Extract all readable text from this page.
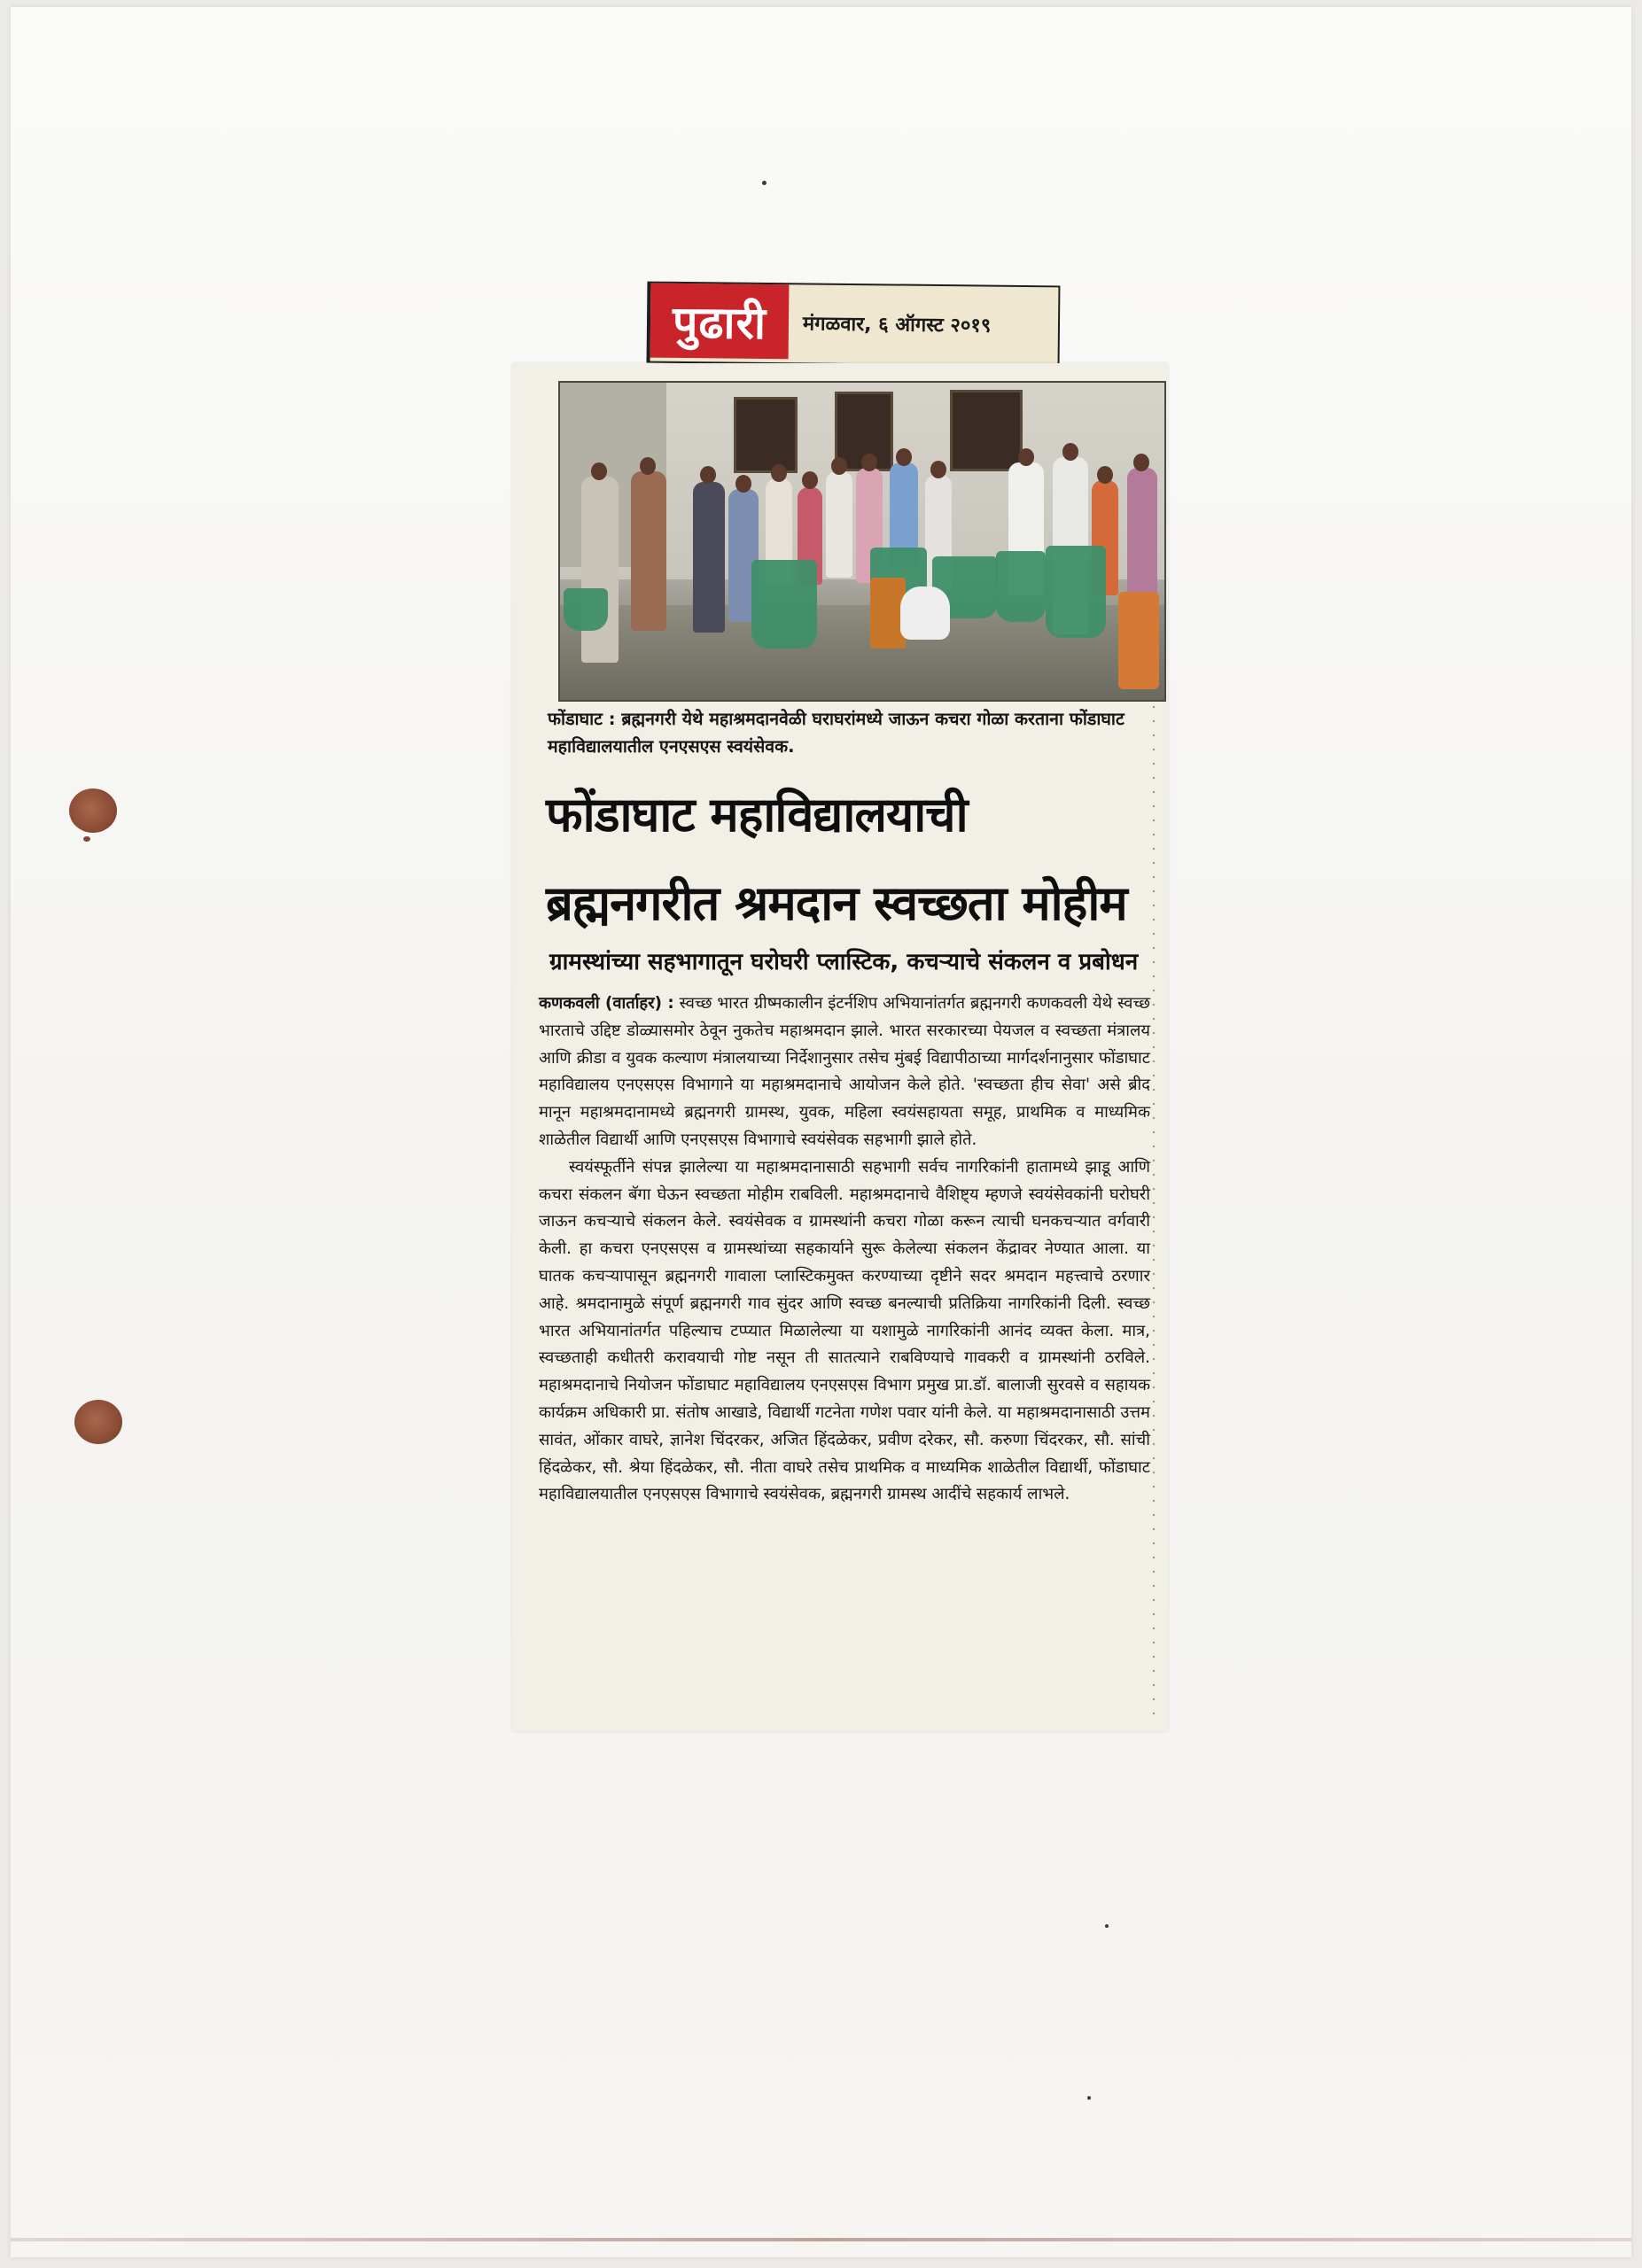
पुढारी मंगळवार, ६ ऑगस्ट २०१९
फोंडाघाट : ब्रह्मनगरी येथे महाश्रमदानवेळी घराघरांमध्ये जाऊन कचरा गोळा करताना फोंडाघाट महाविद्यालयातील एनएसएस स्वयंसेवक.
फोंडाघाट महाविद्यालयाची
ब्रह्मनगरीत श्रमदान स्वच्छता मोहीम
ग्रामस्थांच्या सहभागातून घरोघरी प्लास्टिक, कचऱ्याचे संकलन व प्रबोधन

कणकवली (वार्ताहर) : स्वच्छ भारत ग्रीष्मकालीन इंटर्नशिप अभियानांतर्गत ब्रह्मनगरी कणकवली येथे स्वच्छ भारताचे उद्दिष्ट डोळ्यासमोर ठेवून नुकतेच महाश्रमदान झाले. भारत सरकारच्या पेयजल व स्वच्छता मंत्रालय आणि क्रीडा व युवक कल्याण मंत्रालयाच्या निर्देशानुसार तसेच मुंबई विद्यापीठाच्या मार्गदर्शनानुसार फोंडाघाट महाविद्यालय एनएसएस विभागाने या महाश्रमदानाचे आयोजन केले होते. 'स्वच्छता हीच सेवा' असे ब्रीद मानून महाश्रमदानामध्ये ब्रह्मनगरी ग्रामस्थ, युवक, महिला स्वयंसहायता समूह, प्राथमिक व माध्यमिक शाळेतील विद्यार्थी आणि एनएसएस विभागाचे स्वयंसेवक सहभागी झाले होते.

स्वयंस्फूर्तीने संपन्न झालेल्या या महाश्रमदानासाठी सहभागी सर्वच नागरिकांनी हातामध्ये झाडू आणि कचरा संकलन बॅगा घेऊन स्वच्छता मोहीम राबविली. महाश्रमदानाचे वैशिष्ट्य म्हणजे स्वयंसेवकांनी घरोघरी जाऊन कचऱ्याचे संकलन केले. स्वयंसेवक व ग्रामस्थांनी कचरा गोळा करून त्याची घनकचऱ्यात वर्गवारी केली. हा कचरा एनएसएस व ग्रामस्थांच्या सहकार्याने सुरू केलेल्या संकलन केंद्रावर नेण्यात आला. या घातक कचऱ्यापासून ब्रह्मनगरी गावाला प्लास्टिकमुक्त करण्याच्या दृष्टीने सदर श्रमदान महत्त्वाचे ठरणार आहे. श्रमदानामुळे संपूर्ण ब्रह्मनगरी गाव सुंदर आणि स्वच्छ बनल्याची प्रतिक्रिया नागरिकांनी दिली. स्वच्छ भारत अभियानांतर्गत पहिल्याच टप्प्यात मिळालेल्या या यशामुळे नागरिकांनी आनंद व्यक्त केला. मात्र, स्वच्छताही कधीतरी करावयाची गोष्ट नसून ती सातत्याने राबविण्याचे गावकरी व ग्रामस्थांनी ठरविले. महाश्रमदानाचे नियोजन फोंडाघाट महाविद्यालय एनएसएस विभाग प्रमुख प्रा.डॉ. बालाजी सुरवसे व सहायक कार्यक्रम अधिकारी प्रा. संतोष आखाडे, विद्यार्थी गटनेता गणेश पवार यांनी केले. या महाश्रमदानासाठी उत्तम सावंत, ओंकार वाघरे, ज्ञानेश चिंदरकर, अजित हिंदळेकर, प्रवीण दरेकर, सौ. करुणा चिंदरकर, सौ. सांची हिंदळेकर, सौ. श्रेया हिंदळेकर, सौ. नीता वाघरे तसेच प्राथमिक व माध्यमिक शाळेतील विद्यार्थी, फोंडाघाट महाविद्यालयातील एनएसएस विभागाचे स्वयंसेवक, ब्रह्मनगरी ग्रामस्थ आदींचे सहकार्य लाभले.
